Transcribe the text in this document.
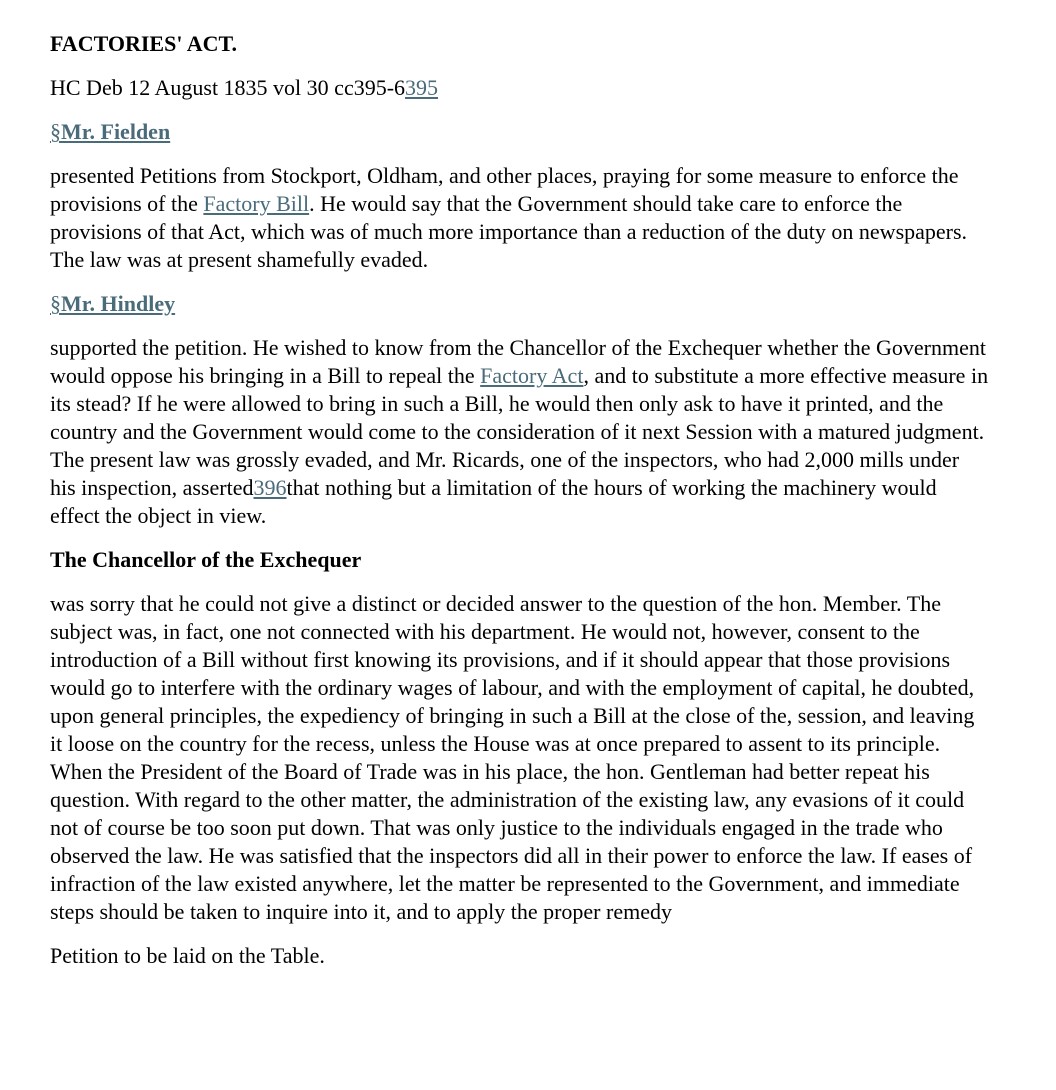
FACTORIES' ACT.
HC Deb 12 August 1835 vol 30 cc395-6395
§Mr. Fielden

presented Petitions from Stockport, Oldham, and other places, praying for some measure to enforce the provisions of the Factory Bill. He would say that the Government should take care to enforce the provisions of that Act, which was of much more importance than a reduction of the duty on newspapers. The law was at present shamefully evaded.

§Mr. Hindley

supported the petition. He wished to know from the Chancellor of the Exchequer whether the Government would oppose his bringing in a Bill to repeal the Factory Act, and to substitute a more effective measure in its stead? If he were allowed to bring in such a Bill, he would then only ask to have it printed, and the country and the Government would come to the consideration of it next Session with a matured judgment. The present law was grossly evaded, and Mr. Ricards, one of the inspectors, who had 2,000 mills under his inspection, asserted396that nothing but a limitation of the hours of working the machinery would effect the object in view.

The Chancellor of the Exchequer

was sorry that he could not give a distinct or decided answer to the question of the hon. Member. The subject was, in fact, one not connected with his department. He would not, however, consent to the introduction of a Bill without first knowing its provisions, and if it should appear that those provisions would go to interfere with the ordinary wages of labour, and with the employment of capital, he doubted, upon general principles, the expediency of bringing in such a Bill at the close of the, session, and leaving it loose on the country for the recess, unless the House was at once prepared to assent to its principle. When the President of the Board of Trade was in his place, the hon. Gentleman had better repeat his question. With regard to the other matter, the administration of the existing law, any evasions of it could not of course be too soon put down. That was only justice to the individuals engaged in the trade who observed the law. He was satisfied that the inspectors did all in their power to enforce the law. If eases of infraction of the law existed anywhere, let the matter be represented to the Government, and immediate steps should be taken to inquire into it, and to apply the proper remedy

Petition to be laid on the Table.
